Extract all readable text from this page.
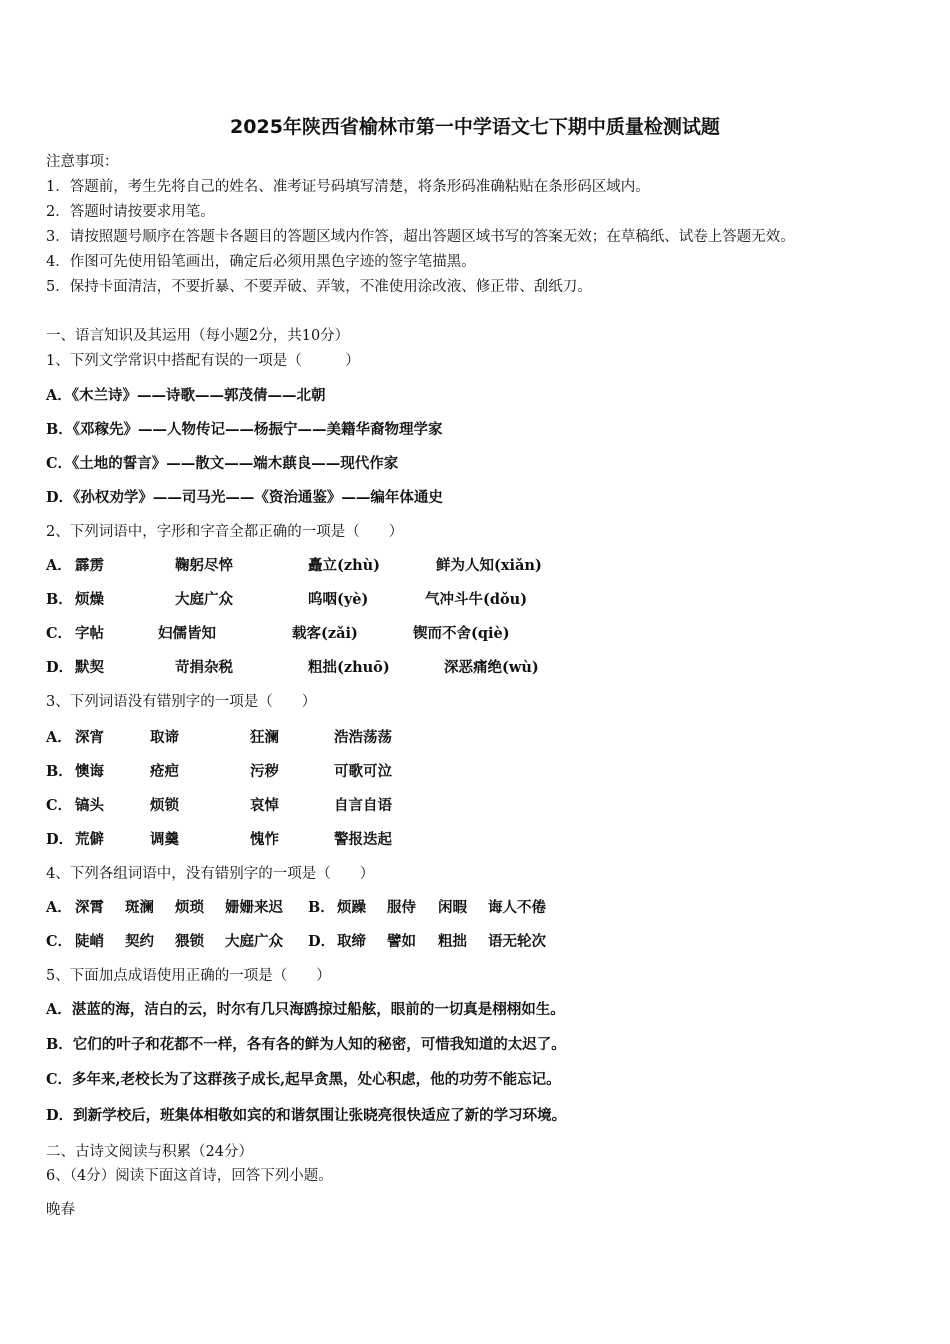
2025年陕西省榆林市第一中学语文七下期中质量检测试题
注意事项：
1．答题前，考生先将自己的姓名、准考证号码填写清楚，将条形码准确粘贴在条形码区域内。
2．答题时请按要求用笔。
3．请按照题号顺序在答题卡各题目的答题区域内作答，超出答题区域书写的答案无效；在草稿纸、试卷上答题无效。
4．作图可先使用铅笔画出，确定后必须用黑色字迹的签字笔描黑。
5．保持卡面清洁，不要折暴、不要弄破、弄皱，不准使用涂改液、修正带、刮纸刀。
一、语言知识及其运用（每小题2分，共10分）
1、下列文学常识中搭配有误的一项是（　　　）
A．《木兰诗》——诗歌——郭茂倩——北朝
B．《邓稼先》——人物传记——杨振宁——美籍华裔物理学家
C．《土地的誓言》——散文——端木蕻良——现代作家
D．《孙权劝学》——司马光——《资治通鉴》——编年体通史
2、下列词语中，字形和字音全都正确的一项是（　　）
A． 霹雳	鞠躬尽悴	矗立(zhù)	鲜为人知(xiǎn)
B． 烦燥	大庭广众	呜咽(yè)	气冲斗牛(dǒu)
C． 字帖	妇儒皆知	载客(zǎi)	锲而不舍(qiè)
D． 默契	苛捐杂税	粗拙(zhuō)	深恶痛绝(wù)
3、下列词语没有错别字的一项是（　　）
A． 深宵	取谛	狂澜	浩浩荡荡
B． 懊诲	疮疤	污秽	可歌可泣
C． 镐头	烦锁	哀悼	自言自语
D． 荒僻	调羹	愧怍	警报迭起
4、下列各组词语中，没有错别字的一项是（　　）
A． 深霄 斑澜 烦琐 姗姗来迟 B． 烦躁 服侍 闲暇 诲人不倦
C． 陡峭 契约 猥锁 大庭广众 D． 取缔 譬如 粗拙 语无轮次
5、下面加点成语使用正确的一项是（　　）
A．湛蓝的海，洁白的云，时尔有几只海鸥掠过船舷，眼前的一切真是栩栩如生。
B．它们的叶子和花都不一样，各有各的鲜为人知的秘密，可惜我知道的太迟了。
C．多年来,老校长为了这群孩子成长,起早贪黑，处心积虑，他的功劳不能忘记。
D．到新学校后，班集体相敬如宾的和谐氛围让张晓亮很快适应了新的学习环境。
二、古诗文阅读与积累（24分）
6、（4分）阅读下面这首诗，回答下列小题。
晚春
